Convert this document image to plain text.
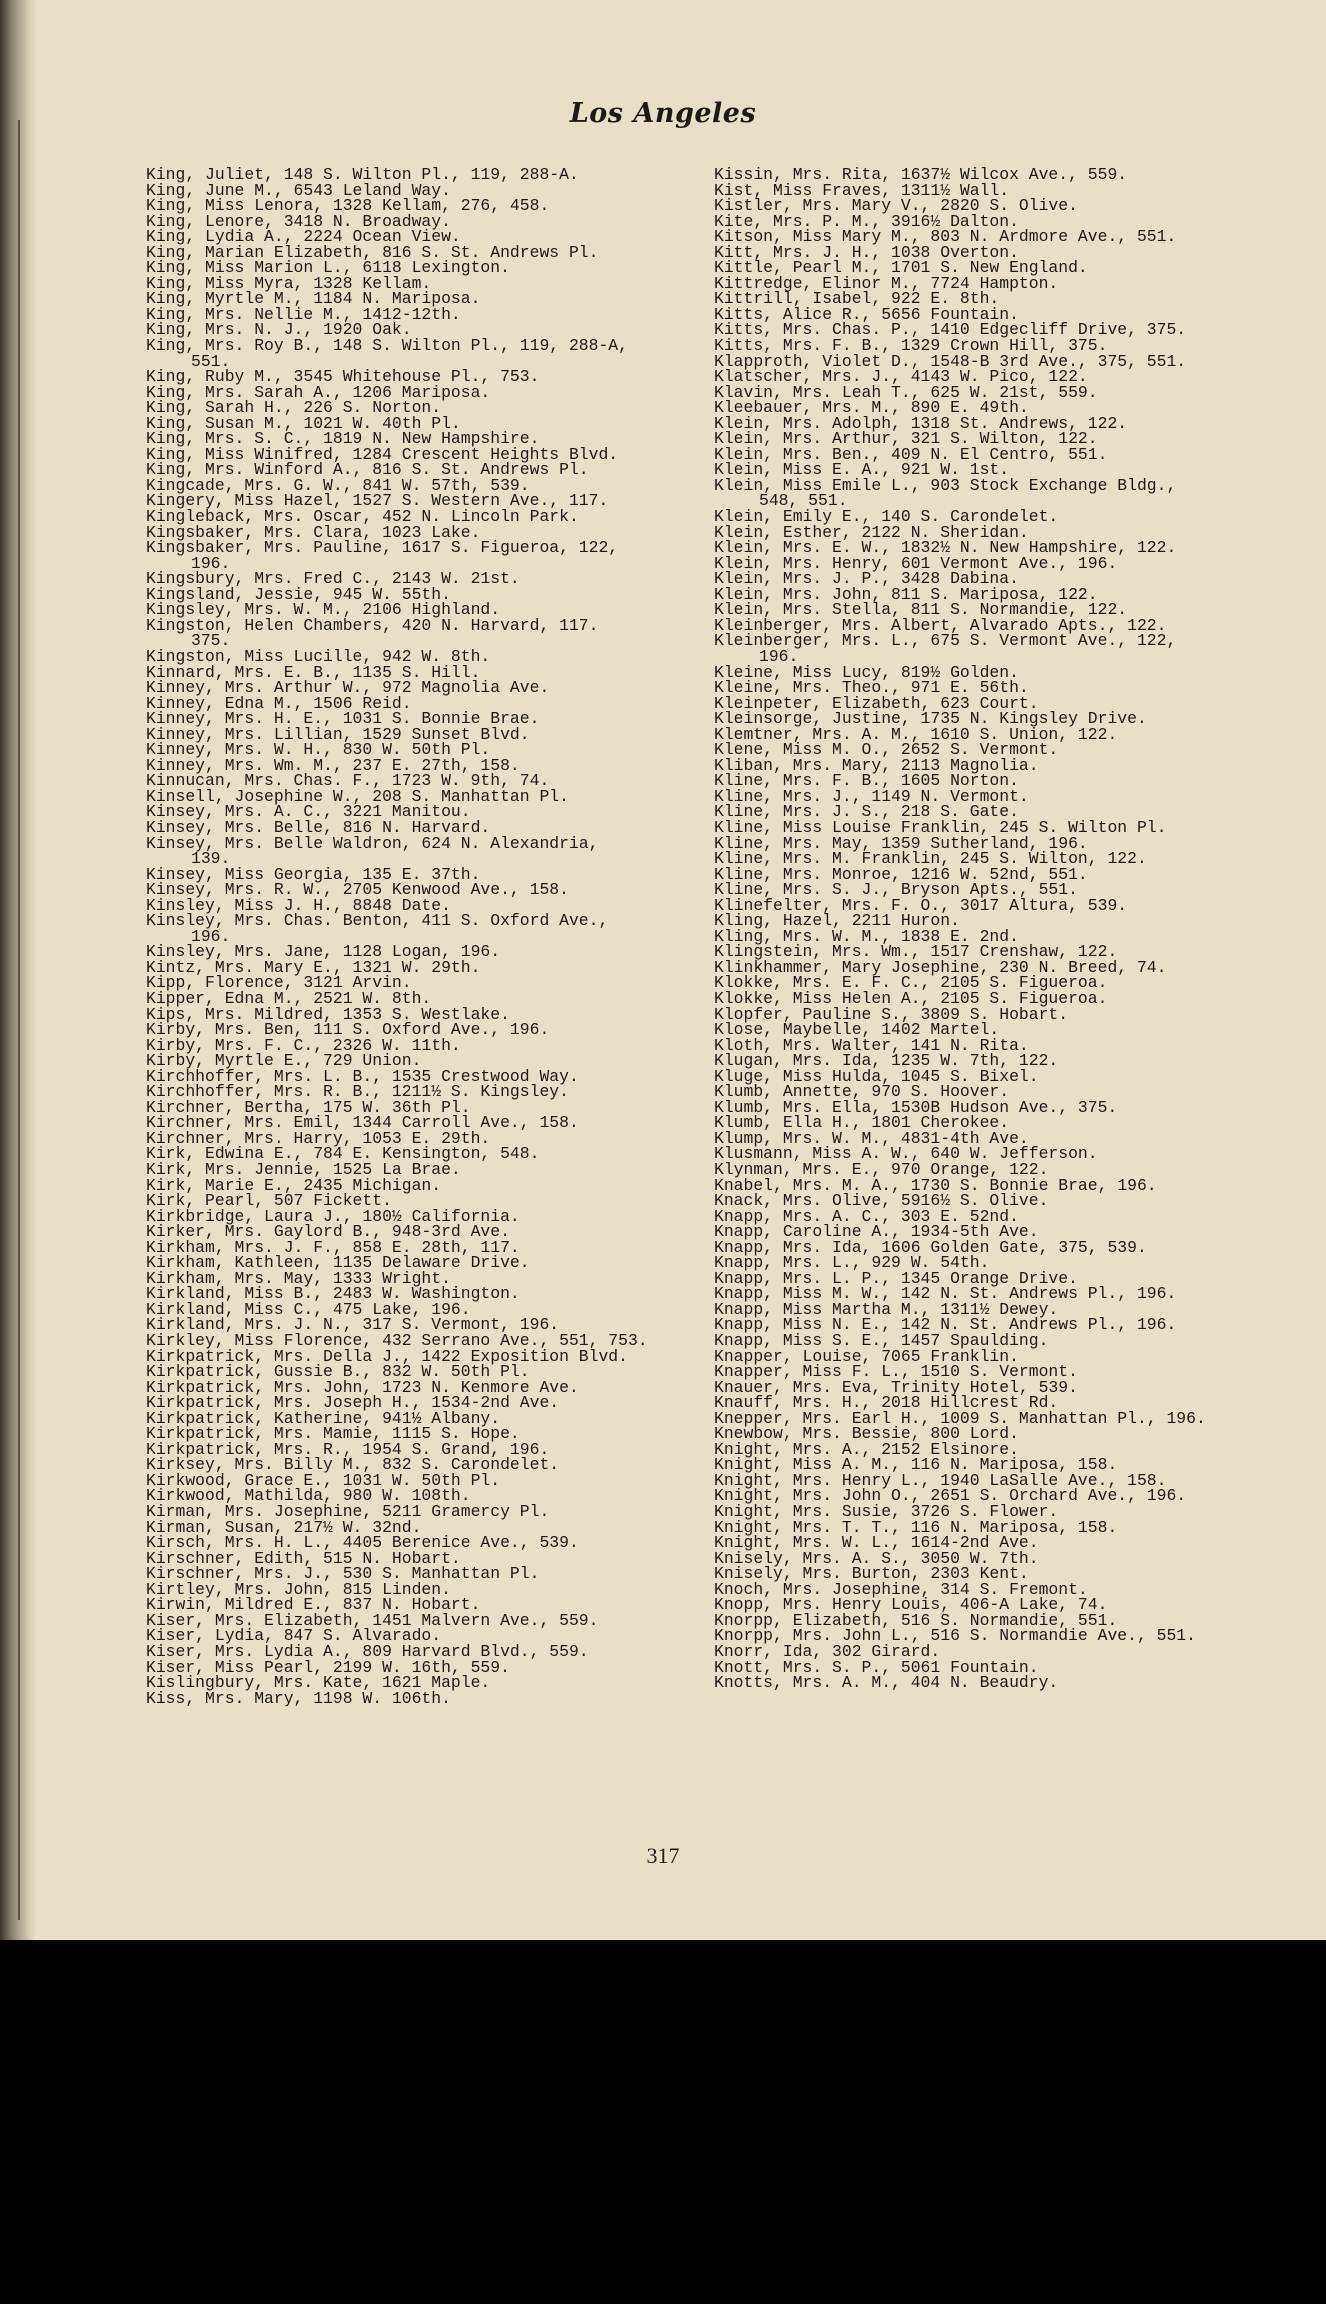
Los Angeles
King, Juliet, 148 S. Wilton Pl., 119, 288-A.
King, June M., 6543 Leland Way.
King, Miss Lenora, 1328 Kellam, 276, 458.
King, Lenore, 3418 N. Broadway.
King, Lydia A., 2224 Ocean View.
King, Marian Elizabeth, 816 S. St. Andrews Pl.
King, Miss Marion L., 6118 Lexington.
King, Miss Myra, 1328 Kellam.
King, Myrtle M., 1184 N. Mariposa.
King, Mrs. Nellie M., 1412-12th.
King, Mrs. N. J., 1920 Oak.
King, Mrs. Roy B., 148 S. Wilton Pl., 119, 288-A,
551.
King, Ruby M., 3545 Whitehouse Pl., 753.
King, Mrs. Sarah A., 1206 Mariposa.
King, Sarah H., 226 S. Norton.
King, Susan M., 1021 W. 40th Pl.
King, Mrs. S. C., 1819 N. New Hampshire.
King, Miss Winifred, 1284 Crescent Heights Blvd.
King, Mrs. Winford A., 816 S. St. Andrews Pl.
Kingcade, Mrs. G. W., 841 W. 57th, 539.
Kingery, Miss Hazel, 1527 S. Western Ave., 117.
Kingleback, Mrs. Oscar, 452 N. Lincoln Park.
Kingsbaker, Mrs. Clara, 1023 Lake.
Kingsbaker, Mrs. Pauline, 1617 S. Figueroa, 122,
196.
Kingsbury, Mrs. Fred C., 2143 W. 21st.
Kingsland, Jessie, 945 W. 55th.
Kingsley, Mrs. W. M., 2106 Highland.
Kingston, Helen Chambers, 420 N. Harvard, 117.
375.
Kingston, Miss Lucille, 942 W. 8th.
Kinnard, Mrs. E. B., 1135 S. Hill.
Kinney, Mrs. Arthur W., 972 Magnolia Ave.
Kinney, Edna M., 1506 Reid.
Kinney, Mrs. H. E., 1031 S. Bonnie Brae.
Kinney, Mrs. Lillian, 1529 Sunset Blvd.
Kinney, Mrs. W. H., 830 W. 50th Pl.
Kinney, Mrs. Wm. M., 237 E. 27th, 158.
Kinnucan, Mrs. Chas. F., 1723 W. 9th, 74.
Kinsell, Josephine W., 208 S. Manhattan Pl.
Kinsey, Mrs. A. C., 3221 Manitou.
Kinsey, Mrs. Belle, 816 N. Harvard.
Kinsey, Mrs. Belle Waldron, 624 N. Alexandria,
139.
Kinsey, Miss Georgia, 135 E. 37th.
Kinsey, Mrs. R. W., 2705 Kenwood Ave., 158.
Kinsley, Miss J. H., 8848 Date.
Kinsley, Mrs. Chas. Benton, 411 S. Oxford Ave.,
196.
Kinsley, Mrs. Jane, 1128 Logan, 196.
Kintz, Mrs. Mary E., 1321 W. 29th.
Kipp, Florence, 3121 Arvin.
Kipper, Edna M., 2521 W. 8th.
Kips, Mrs. Mildred, 1353 S. Westlake.
Kirby, Mrs. Ben, 111 S. Oxford Ave., 196.
Kirby, Mrs. F. C., 2326 W. 11th.
Kirby, Myrtle E., 729 Union.
Kirchhoffer, Mrs. L. B., 1535 Crestwood Way.
Kirchhoffer, Mrs. R. B., 1211½ S. Kingsley.
Kirchner, Bertha, 175 W. 36th Pl.
Kirchner, Mrs. Emil, 1344 Carroll Ave., 158.
Kirchner, Mrs. Harry, 1053 E. 29th.
Kirk, Edwina E., 784 E. Kensington, 548.
Kirk, Mrs. Jennie, 1525 La Brae.
Kirk, Marie E., 2435 Michigan.
Kirk, Pearl, 507 Fickett.
Kirkbridge, Laura J., 180½ California.
Kirker, Mrs. Gaylord B., 948-3rd Ave.
Kirkham, Mrs. J. F., 858 E. 28th, 117.
Kirkham, Kathleen, 1135 Delaware Drive.
Kirkham, Mrs. May, 1333 Wright.
Kirkland, Miss B., 2483 W. Washington.
Kirkland, Miss C., 475 Lake, 196.
Kirkland, Mrs. J. N., 317 S. Vermont, 196.
Kirkley, Miss Florence, 432 Serrano Ave., 551, 753.
Kirkpatrick, Mrs. Della J., 1422 Exposition Blvd.
Kirkpatrick, Gussie B., 832 W. 50th Pl.
Kirkpatrick, Mrs. John, 1723 N. Kenmore Ave.
Kirkpatrick, Mrs. Joseph H., 1534-2nd Ave.
Kirkpatrick, Katherine, 941½ Albany.
Kirkpatrick, Mrs. Mamie, 1115 S. Hope.
Kirkpatrick, Mrs. R., 1954 S. Grand, 196.
Kirksey, Mrs. Billy M., 832 S. Carondelet.
Kirkwood, Grace E., 1031 W. 50th Pl.
Kirkwood, Mathilda, 980 W. 108th.
Kirman, Mrs. Josephine, 5211 Gramercy Pl.
Kirman, Susan, 217½ W. 32nd.
Kirsch, Mrs. H. L., 4405 Berenice Ave., 539.
Kirschner, Edith, 515 N. Hobart.
Kirschner, Mrs. J., 530 S. Manhattan Pl.
Kirtley, Mrs. John, 815 Linden.
Kirwin, Mildred E., 837 N. Hobart.
Kiser, Mrs. Elizabeth, 1451 Malvern Ave., 559.
Kiser, Lydia, 847 S. Alvarado.
Kiser, Mrs. Lydia A., 809 Harvard Blvd., 559.
Kiser, Miss Pearl, 2199 W. 16th, 559.
Kislingbury, Mrs. Kate, 1621 Maple.
Kiss, Mrs. Mary, 1198 W. 106th.
Kissin, Mrs. Rita, 1637½ Wilcox Ave., 559.
Kist, Miss Fraves, 1311½ Wall.
Kistler, Mrs. Mary V., 2820 S. Olive.
Kite, Mrs. P. M., 3916½ Dalton.
Kitson, Miss Mary M., 803 N. Ardmore Ave., 551.
Kitt, Mrs. J. H., 1038 Overton.
Kittle, Pearl M., 1701 S. New England.
Kittredge, Elinor M., 7724 Hampton.
Kittrill, Isabel, 922 E. 8th.
Kitts, Alice R., 5656 Fountain.
Kitts, Mrs. Chas. P., 1410 Edgecliff Drive, 375.
Kitts, Mrs. F. B., 1329 Crown Hill, 375.
Klapproth, Violet D., 1548-B 3rd Ave., 375, 551.
Klatscher, Mrs. J., 4143 W. Pico, 122.
Klavin, Mrs. Leah T., 625 W. 21st, 559.
Kleebauer, Mrs. M., 890 E. 49th.
Klein, Mrs. Adolph, 1318 St. Andrews, 122.
Klein, Mrs. Arthur, 321 S. Wilton, 122.
Klein, Mrs. Ben., 409 N. El Centro, 551.
Klein, Miss E. A., 921 W. 1st.
Klein, Miss Emile L., 903 Stock Exchange Bldg.,
548, 551.
Klein, Emily E., 140 S. Carondelet.
Klein, Esther, 2122 N. Sheridan.
Klein, Mrs. E. W., 1832½ N. New Hampshire, 122.
Klein, Mrs. Henry, 601 Vermont Ave., 196.
Klein, Mrs. J. P., 3428 Dabina.
Klein, Mrs. John, 811 S. Mariposa, 122.
Klein, Mrs. Stella, 811 S. Normandie, 122.
Kleinberger, Mrs. Albert, Alvarado Apts., 122.
Kleinberger, Mrs. L., 675 S. Vermont Ave., 122,
196.
Kleine, Miss Lucy, 819½ Golden.
Kleine, Mrs. Theo., 971 E. 56th.
Kleinpeter, Elizabeth, 623 Court.
Kleinsorge, Justine, 1735 N. Kingsley Drive.
Klemtner, Mrs. A. M., 1610 S. Union, 122.
Klene, Miss M. O., 2652 S. Vermont.
Kliban, Mrs. Mary, 2113 Magnolia.
Kline, Mrs. F. B., 1605 Norton.
Kline, Mrs. J., 1149 N. Vermont.
Kline, Mrs. J. S., 218 S. Gate.
Kline, Miss Louise Franklin, 245 S. Wilton Pl.
Kline, Mrs. May, 1359 Sutherland, 196.
Kline, Mrs. M. Franklin, 245 S. Wilton, 122.
Kline, Mrs. Monroe, 1216 W. 52nd, 551.
Kline, Mrs. S. J., Bryson Apts., 551.
Klinefelter, Mrs. F. O., 3017 Altura, 539.
Kling, Hazel, 2211 Huron.
Kling, Mrs. W. M., 1838 E. 2nd.
Klingstein, Mrs. Wm., 1517 Crenshaw, 122.
Klinkhammer, Mary Josephine, 230 N. Breed, 74.
Klokke, Mrs. E. F. C., 2105 S. Figueroa.
Klokke, Miss Helen A., 2105 S. Figueroa.
Klopfer, Pauline S., 3809 S. Hobart.
Klose, Maybelle, 1402 Martel.
Kloth, Mrs. Walter, 141 N. Rita.
Klugan, Mrs. Ida, 1235 W. 7th, 122.
Kluge, Miss Hulda, 1045 S. Bixel.
Klumb, Annette, 970 S. Hoover.
Klumb, Mrs. Ella, 1530B Hudson Ave., 375.
Klumb, Ella H., 1801 Cherokee.
Klump, Mrs. W. M., 4831-4th Ave.
Klusmann, Miss A. W., 640 W. Jefferson.
Klynman, Mrs. E., 970 Orange, 122.
Knabel, Mrs. M. A., 1730 S. Bonnie Brae, 196.
Knack, Mrs. Olive, 5916½ S. Olive.
Knapp, Mrs. A. C., 303 E. 52nd.
Knapp, Caroline A., 1934-5th Ave.
Knapp, Mrs. Ida, 1606 Golden Gate, 375, 539.
Knapp, Mrs. L., 929 W. 54th.
Knapp, Mrs. L. P., 1345 Orange Drive.
Knapp, Miss M. W., 142 N. St. Andrews Pl., 196.
Knapp, Miss Martha M., 1311½ Dewey.
Knapp, Miss N. E., 142 N. St. Andrews Pl., 196.
Knapp, Miss S. E., 1457 Spaulding.
Knapper, Louise, 7065 Franklin.
Knapper, Miss F. L., 1510 S. Vermont.
Knauer, Mrs. Eva, Trinity Hotel, 539.
Knauff, Mrs. H., 2018 Hillcrest Rd.
Knepper, Mrs. Earl H., 1009 S. Manhattan Pl., 196.
Knewbow, Mrs. Bessie, 800 Lord.
Knight, Mrs. A., 2152 Elsinore.
Knight, Miss A. M., 116 N. Mariposa, 158.
Knight, Mrs. Henry L., 1940 LaSalle Ave., 158.
Knight, Mrs. John O., 2651 S. Orchard Ave., 196.
Knight, Mrs. Susie, 3726 S. Flower.
Knight, Mrs. T. T., 116 N. Mariposa, 158.
Knight, Mrs. W. L., 1614-2nd Ave.
Knisely, Mrs. A. S., 3050 W. 7th.
Knisely, Mrs. Burton, 2303 Kent.
Knoch, Mrs. Josephine, 314 S. Fremont.
Knopp, Mrs. Henry Louis, 406-A Lake, 74.
Knorpp, Elizabeth, 516 S. Normandie, 551.
Knorpp, Mrs. John L., 516 S. Normandie Ave., 551.
Knorr, Ida, 302 Girard.
Knott, Mrs. S. P., 5061 Fountain.
Knotts, Mrs. A. M., 404 N. Beaudry.
317
